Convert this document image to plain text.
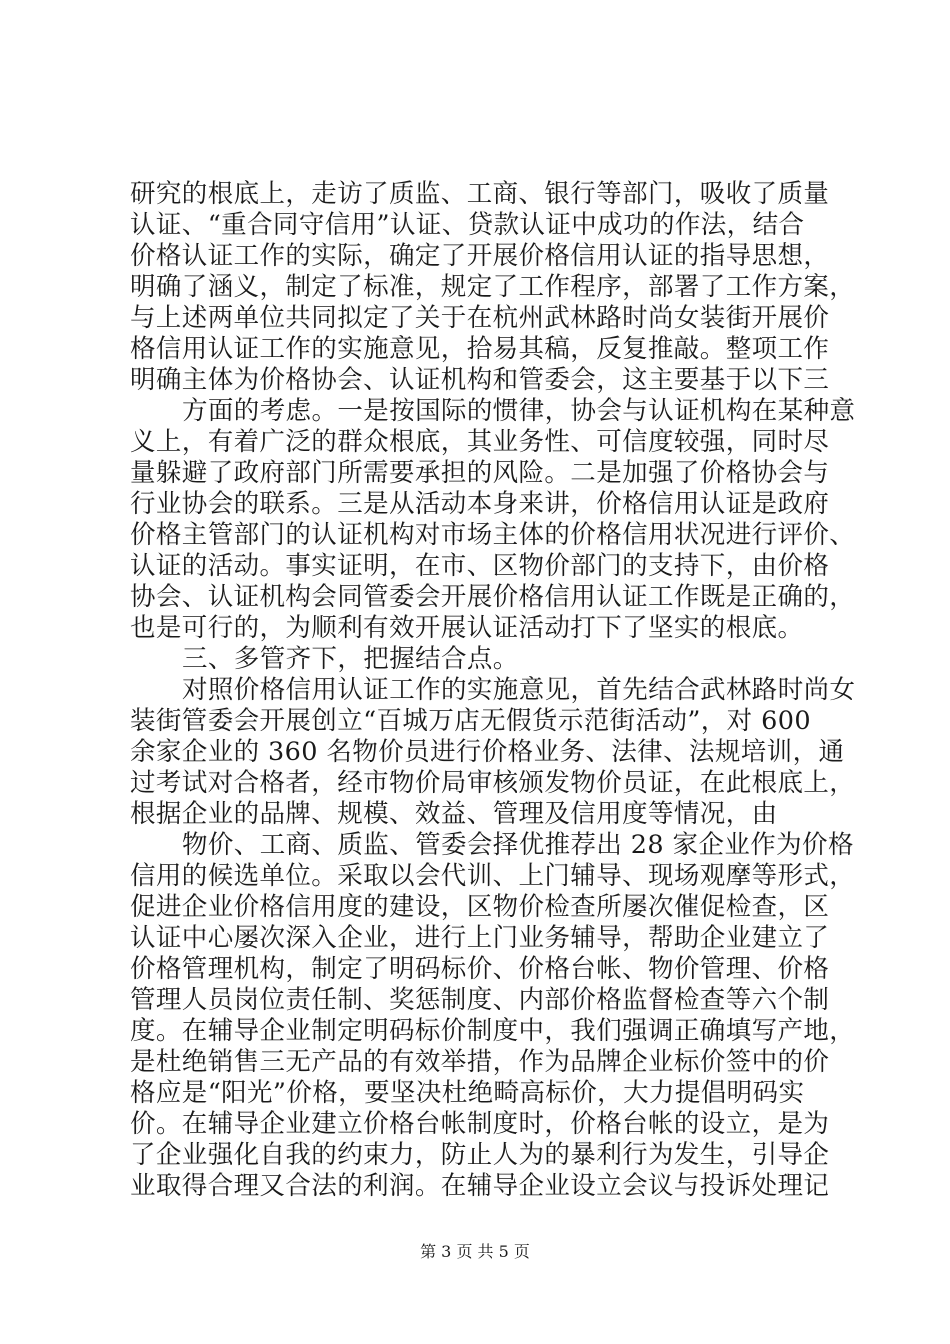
研究的根底上，走访了质监、工商、银行等部门，吸收了质量
认证、“重合同守信用”认证、贷款认证中成功的作法，结合
价格认证工作的实际，确定了开展价格信用认证的指导思想，
明确了涵义，制定了标准，规定了工作程序，部署了工作方案，
与上述两单位共同拟定了关于在杭州武林路时尚女装街开展价
格信用认证工作的实施意见，拾易其稿，反复推敲。整项工作
明确主体为价格协会、认证机构和管委会，这主要基于以下三
方面的考虑。一是按国际的惯律，协会与认证机构在某种意
义上，有着广泛的群众根底，其业务性、可信度较强，同时尽
量躲避了政府部门所需要承担的风险。二是加强了价格协会与
行业协会的联系。三是从活动本身来讲，价格信用认证是政府
价格主管部门的认证机构对市场主体的价格信用状况进行评价、
认证的活动。事实证明，在市、区物价部门的支持下，由价格
协会、认证机构会同管委会开展价格信用认证工作既是正确的，
也是可行的，为顺利有效开展认证活动打下了坚实的根底。
三、多管齐下，把握结合点。
对照价格信用认证工作的实施意见，首先结合武林路时尚女
装街管委会开展创立“百城万店无假货示范街活动”，对 600
余家企业的 360 名物价员进行价格业务、法律、法规培训，通
过考试对合格者，经市物价局审核颁发物价员证，在此根底上，
根据企业的品牌、规模、效益、管理及信用度等情况，由
物价、工商、质监、管委会择优推荐出 28 家企业作为价格
信用的候选单位。采取以会代训、上门辅导、现场观摩等形式，
促进企业价格信用度的建设，区物价检查所屡次催促检查，区
认证中心屡次深入企业，进行上门业务辅导，帮助企业建立了
价格管理机构，制定了明码标价、价格台帐、物价管理、价格
管理人员岗位责任制、奖惩制度、内部价格监督检查等六个制
度。在辅导企业制定明码标价制度中，我们强调正确填写产地，
是杜绝销售三无产品的有效举措，作为品牌企业标价签中的价
格应是“阳光”价格，要坚决杜绝畸高标价，大力提倡明码实
价。在辅导企业建立价格台帐制度时，价格台帐的设立，是为
了企业强化自我的约束力，防止人为的暴利行为发生，引导企
业取得合理又合法的利润。在辅导企业设立会议与投诉处理记
第 3 页 共 5 页
